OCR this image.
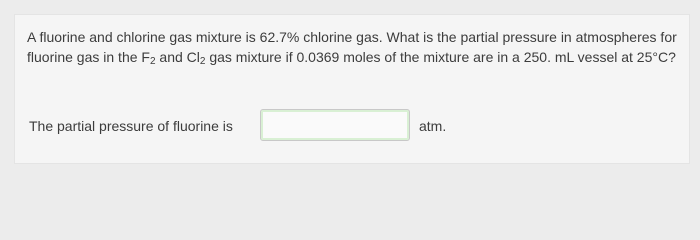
A fluorine and chlorine gas mixture is 62.7% chlorine gas. What is the partial pressure in atmospheres for fluorine gas in the $F_2$ and $Cl_2$ gas mixture if 0.0369 moles of the mixture are in a 250. mL vessel at 25°C?
The partial pressure of fluorine is	atm.
